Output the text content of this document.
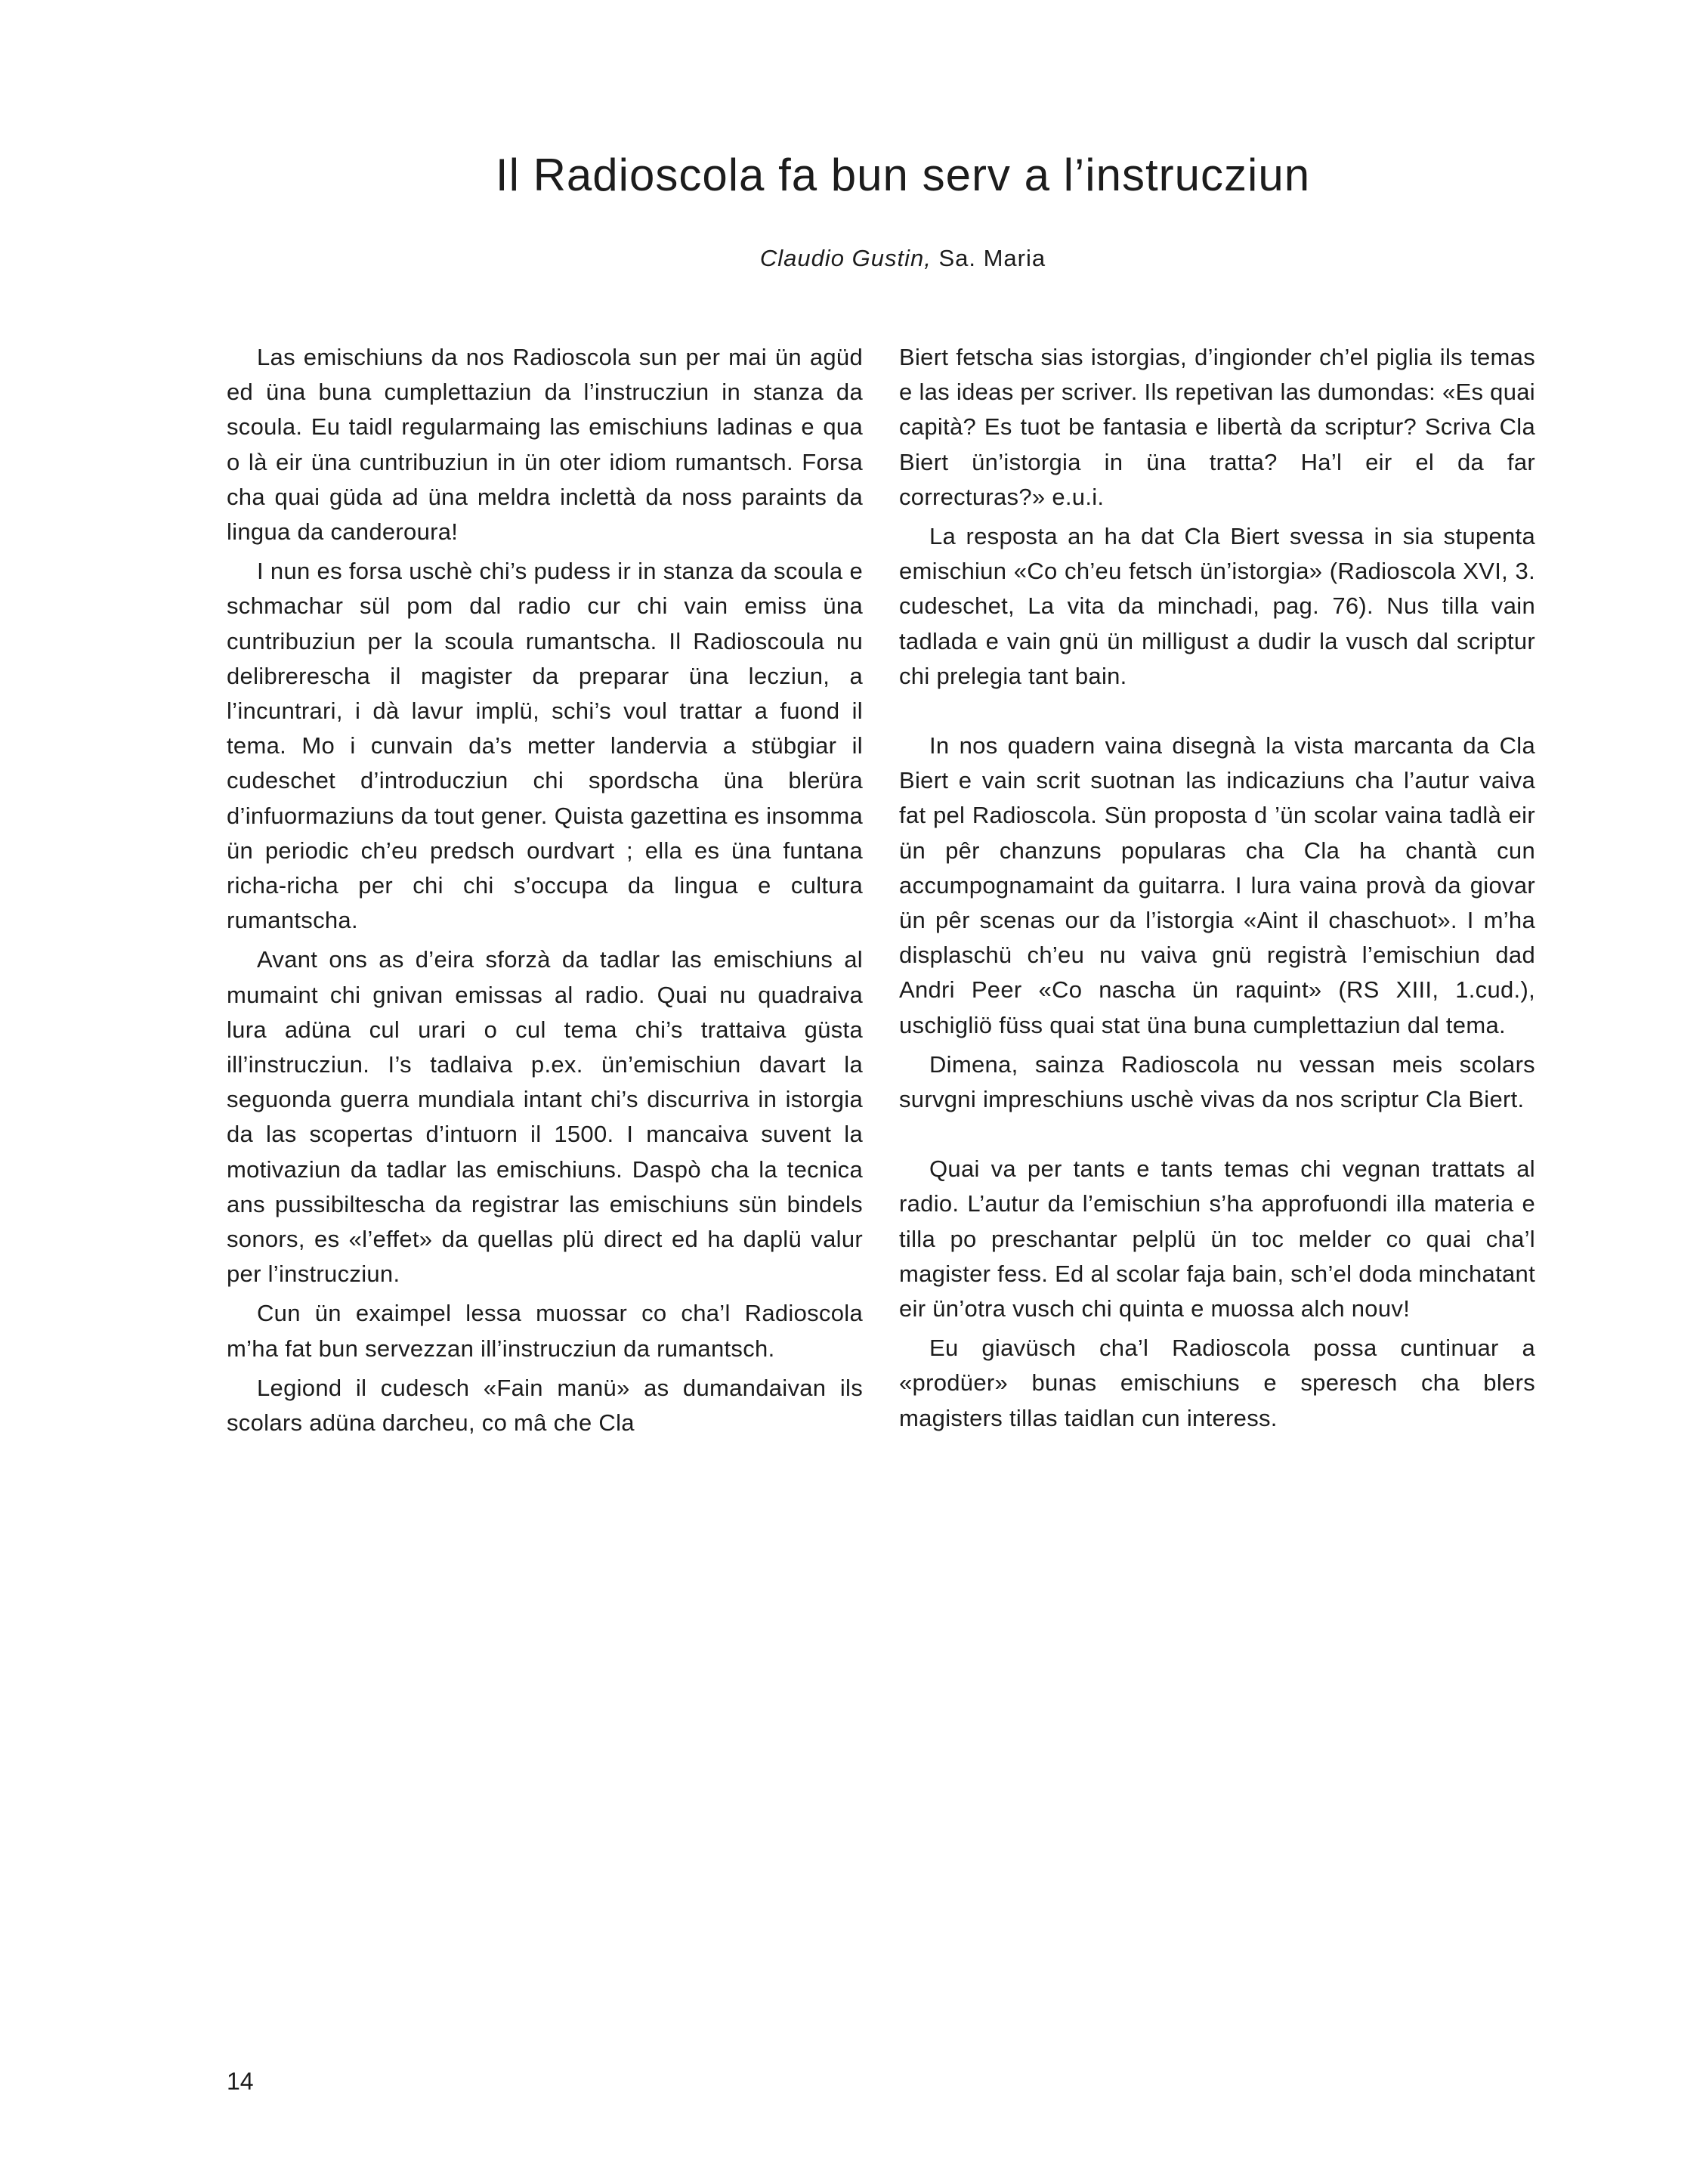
Il Radioscola fa bun serv a l’instrucziun
Claudio Gustin, Sa. Maria

Las emischiuns da nos Radioscola sun per mai ün agüd ed üna buna cumplettaziun da l’instrucziun in stanza da scoula. Eu taidl regularmaing las emischiuns ladinas e qua o là eir üna cuntribuziun in ün oter idiom rumantsch. Forsa cha quai güda ad üna meldra inclettà da noss paraints da lingua da canderoura!

I nun es forsa uschè chi’s pudess ir in stanza da scoula e schmachar sül pom dal radio cur chi vain emiss üna cuntribuziun per la scoula rumantscha. Il Radioscoula nu delibrerescha il magister da preparar üna lecziun, a l’incuntrari, i dà lavur implü, schi’s voul trattar a fuond il tema. Mo i cunvain da’s metter landervia a stübgiar il cudeschet d’introducziun chi spordscha üna blerüra d’infuormaziuns da tout gener. Quista gazettina es insomma ün periodic ch’eu predsch ourdvart ; ella es üna funtana richa-richa per chi chi s’occupa da lingua e cultura rumantscha.

Avant ons as d’eira sforzà da tadlar las emischiuns al mumaint chi gnivan emissas al radio. Quai nu quadraiva lura adüna cul urari o cul tema chi’s trattaiva güsta ill’instrucziun. I’s tadlaiva p.ex. ün’emischiun davart la seguonda guerra mundiala intant chi’s discurriva in istorgia da las scopertas d’intuorn il 1500. I mancaiva suvent la motivaziun da tadlar las emischiuns. Daspò cha la tecnica ans pussibiltescha da registrar las emischiuns sün bindels sonors, es «l’effet» da quellas plü direct ed ha daplü valur per l’instrucziun.

Cun ün exaimpel lessa muossar co cha’l Radioscola m’ha fat bun servezzan ill’instrucziun da rumantsch.

Legiond il cudesch «Fain manü» as dumandaivan ils scolars adüna darcheu, co mâ che Cla

Biert fetscha sias istorgias, d’ingionder ch’el piglia ils temas e las ideas per scriver. Ils repetivan las dumondas: «Es quai capità? Es tuot be fantasia e libertà da scriptur? Scriva Cla Biert ün’istorgia in üna tratta? Ha’l eir el da far correcturas?» e.u.i.

La resposta an ha dat Cla Biert svessa in sia stupenta emischiun «Co ch’eu fetsch ün’istorgia» (Radioscola XVI, 3. cudeschet, La vita da minchadi, pag. 76). Nus tilla vain tadlada e vain gnü ün milligust a dudir la vusch dal scriptur chi prelegia tant bain.

In nos quadern vaina disegnà la vista marcanta da Cla Biert e vain scrit suotnan las indicaziuns cha l’autur vaiva fat pel Radioscola. Sün proposta d ’ün scolar vaina tadlà eir ün pêr chanzuns popularas cha Cla ha chantà cun accumpognamaint da guitarra. I lura vaina provà da giovar ün pêr scenas our da l’istorgia «Aint il chaschuot». I m’ha displaschü ch’eu nu vaiva gnü registrà l’emischiun dad Andri Peer «Co nascha ün raquint» (RS XIII, 1.cud.), uschigliö füss quai stat üna buna cumplettaziun dal tema.

Dimena, sainza Radioscola nu vessan meis scolars survgni impreschiuns uschè vivas da nos scriptur Cla Biert.

Quai va per tants e tants temas chi vegnan trattats al radio. L’autur da l’emischiun s’ha approfuondi illa materia e tilla po preschantar pelplü ün toc melder co quai cha’l magister fess. Ed al scolar faja bain, sch’el doda minchatant eir ün’otra vusch chi quinta e muossa alch nouv!

Eu giavüsch cha’l Radioscola possa cuntinuar a «prodüer» bunas emischiuns e speresch cha blers magisters tillas taidlan cun interess.

14
